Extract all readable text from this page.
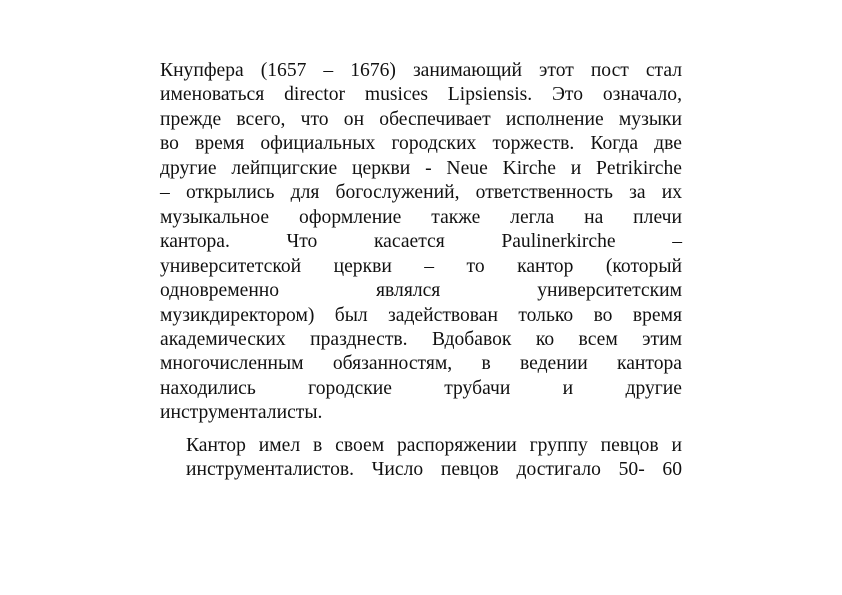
Кнупфера (1657 – 1676) занимающий этот пост стал
именоваться director musices Lipsiensis. Это означало,
прежде всего, что он обеспечивает исполнение музыки
во время официальных городских торжеств. Когда две
другие лейпцигские церкви - Neue Kirche и Petrikirche
– открылись для богослужений, ответственность за их
музыкальное оформление также легла на плечи
кантора. Что касается Paulinerkirche –
университетской церкви – то кантор (который
одновременно являлся университетским
музикдиректором) был задействован только во время
академических празднеств. Вдобавок ко всем этим
многочисленным обязанностям, в ведении кантора
находились городские трубачи и другие
инструменталисты.

Кантор имел в своем распоряжении группу певцов и
инструменталистов. Число певцов достигало 50- 60
